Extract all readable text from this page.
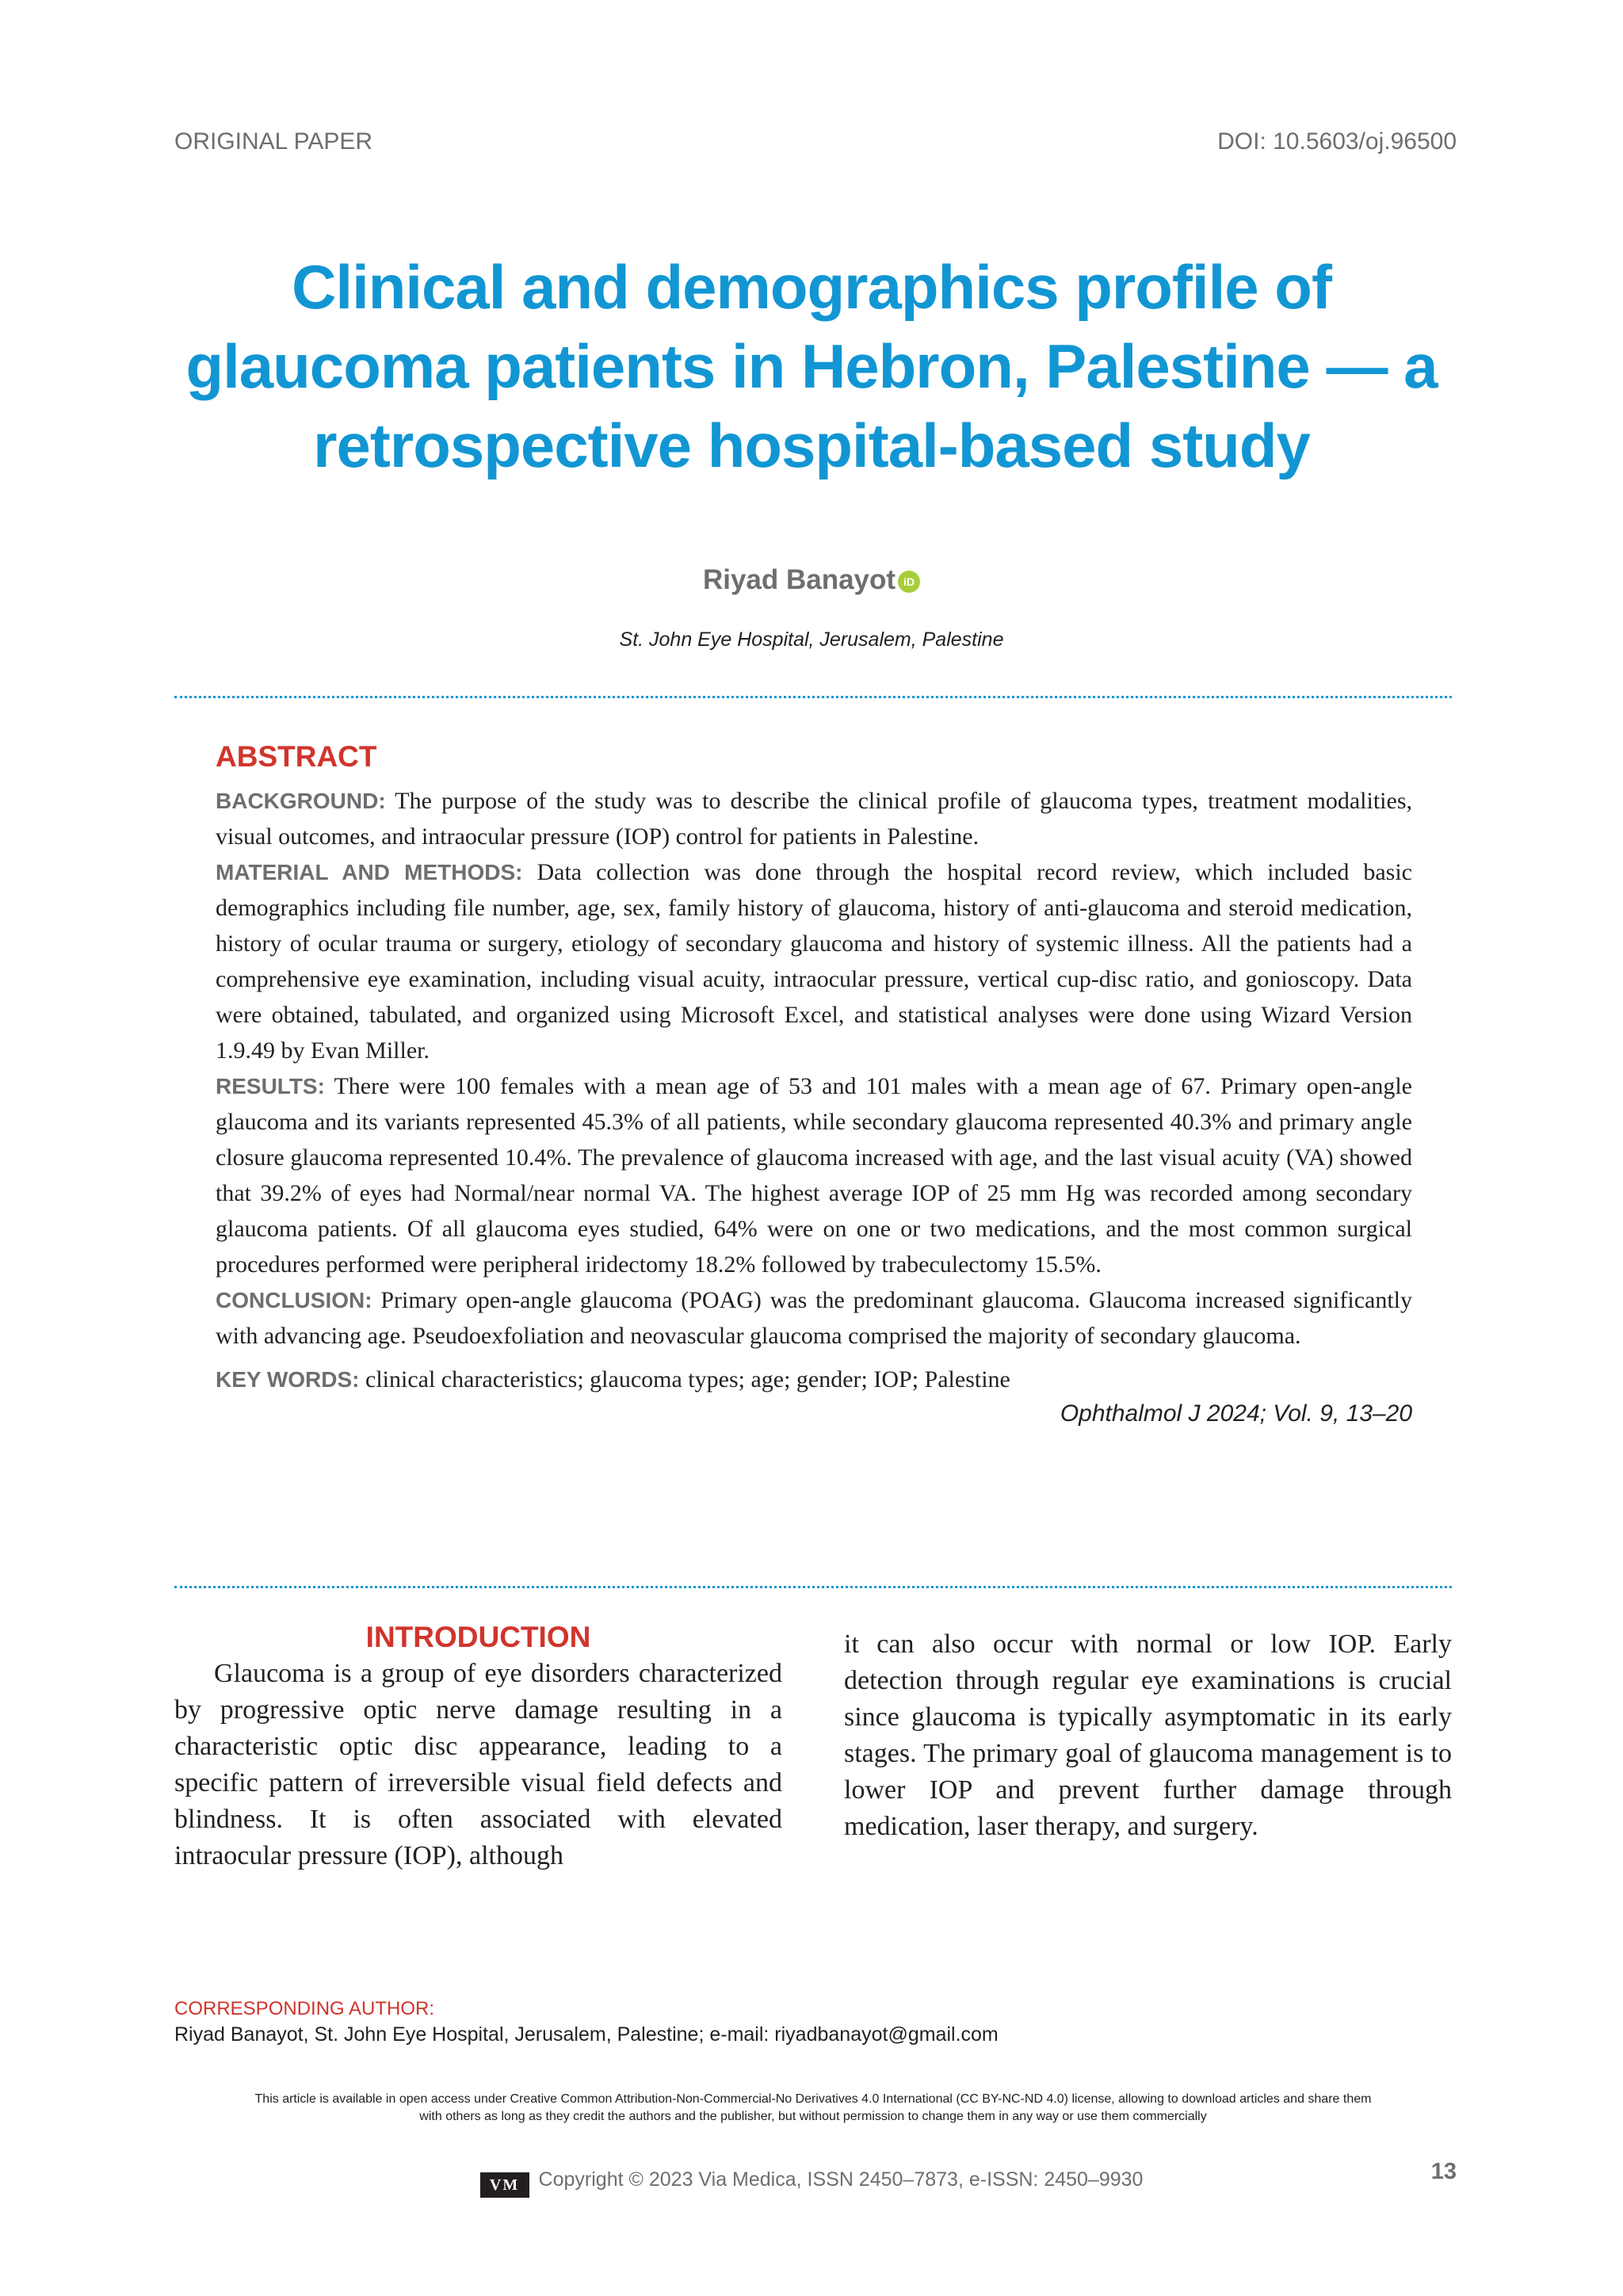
ORIGINAL PAPER	DOI: 10.5603/oj.96500
Clinical and demographics profile of glaucoma patients in Hebron, Palestine — a retrospective hospital-based study
Riyad Banayot iD
St. John Eye Hospital, Jerusalem, Palestine
ABSTRACT

BACKGROUND: The purpose of the study was to describe the clinical profile of glaucoma types, treatment modalities, visual outcomes, and intraocular pressure (IOP) control for patients in Palestine.

MATERIAL AND METHODS: Data collection was done through the hospital record review, which included basic demographics including file number, age, sex, family history of glaucoma, history of anti-glaucoma and steroid medication, history of ocular trauma or surgery, etiology of secondary glaucoma and history of systemic illness. All the patients had a comprehensive eye examination, including visual acuity, intraocular pressure, vertical cup-disc ratio, and gonioscopy. Data were obtained, tabulated, and organized using Microsoft Excel, and statistical analyses were done using Wizard Version 1.9.49 by Evan Miller.

RESULTS: There were 100 females with a mean age of 53 and 101 males with a mean age of 67. Primary open-angle glaucoma and its variants represented 45.3% of all patients, while secondary glaucoma represented 40.3% and primary angle closure glaucoma represented 10.4%. The prevalence of glaucoma increased with age, and the last visual acuity (VA) showed that 39.2% of eyes had Normal/near normal VA. The highest average IOP of 25 mm Hg was recorded among secondary glaucoma patients. Of all glaucoma eyes studied, 64% were on one or two medications, and the most common surgical procedures performed were peripheral iridectomy 18.2% followed by trabeculectomy 15.5%.

CONCLUSION: Primary open-angle glaucoma (POAG) was the predominant glaucoma. Glaucoma increased significantly with advancing age. Pseudoexfoliation and neovascular glaucoma comprised the majority of secondary glaucoma.

KEY WORDS: clinical characteristics; glaucoma types; age; gender; IOP; Palestine

Ophthalmol J 2024; Vol. 9, 13–20
INTRODUCTION

Glaucoma is a group of eye disorders characterized by progressive optic nerve damage resulting in a characteristic optic disc appearance, leading to a specific pattern of irreversible visual field defects and blindness. It is often associated with elevated intraocular pressure (IOP), although

it can also occur with normal or low IOP. Early detection through regular eye examinations is crucial since glaucoma is typically asymptomatic in its early stages. The primary goal of glaucoma management is to lower IOP and prevent further damage through medication, laser therapy, and surgery.

CORRESPONDING AUTHOR:
Riyad Banayot, St. John Eye Hospital, Jerusalem, Palestine; e-mail: riyadbanayot@gmail.com
This article is available in open access under Creative Common Attribution-Non-Commercial-No Derivatives 4.0 International (CC BY-NC-ND 4.0) license, allowing to download articles and share them
with others as long as they credit the authors and the publisher, but without permission to change them in any way or use them commercially
VM Copyright © 2023 Via Medica, ISSN 2450–7873, e-ISSN: 2450–9930	13
